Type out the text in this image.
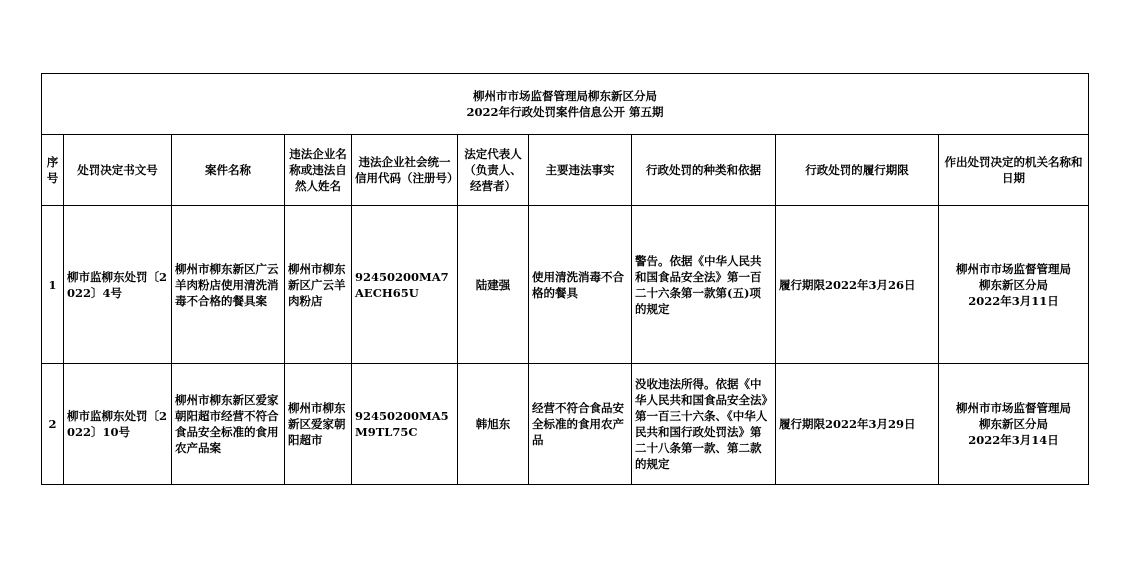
柳州市市场监督管理局柳东新区分局
2022年行政处罚案件信息公开 第五期									

序号	处罚决定书文号	案件名称	违法企业名称或违法自然人姓名	违法企业社会统一信用代码（注册号）	法定代表人（负责人、经营者）	主要违法事实	行政处罚的种类和依据	行政处罚的履行期限	作出处罚决定的机关名称和日期
1	柳市监柳东处罚〔2022〕4号	柳州市柳东新区广云羊肉粉店使用清洗消毒不合格的餐具案	柳州市柳东新区广云羊肉粉店	92450200MA7AECH65U	陆建强	使用清洗消毒不合格的餐具	警告。依据《中华人民共和国食品安全法》第一百二十六条第一款第(五)项的规定	履行期限2022年3月26日	柳州市市场监督管理局
柳东新区分局
2022年3月11日

2	柳市监柳东处罚〔2022〕10号	柳州市柳东新区爱家朝阳超市经营不符合食品安全标准的食用农产品案	柳州市柳东新区爱家朝阳超市	92450200MA5M9TL75C	韩旭东	经营不符合食品安全标准的食用农产品	没收违法所得。依据《中华人民共和国食品安全法》第一百三十六条、《中华人民共和国行政处罚法》第二十八条第一款、第二款的规定	履行期限2022年3月29日	柳州市市场监督管理局
柳东新区分局
2022年3月14日
